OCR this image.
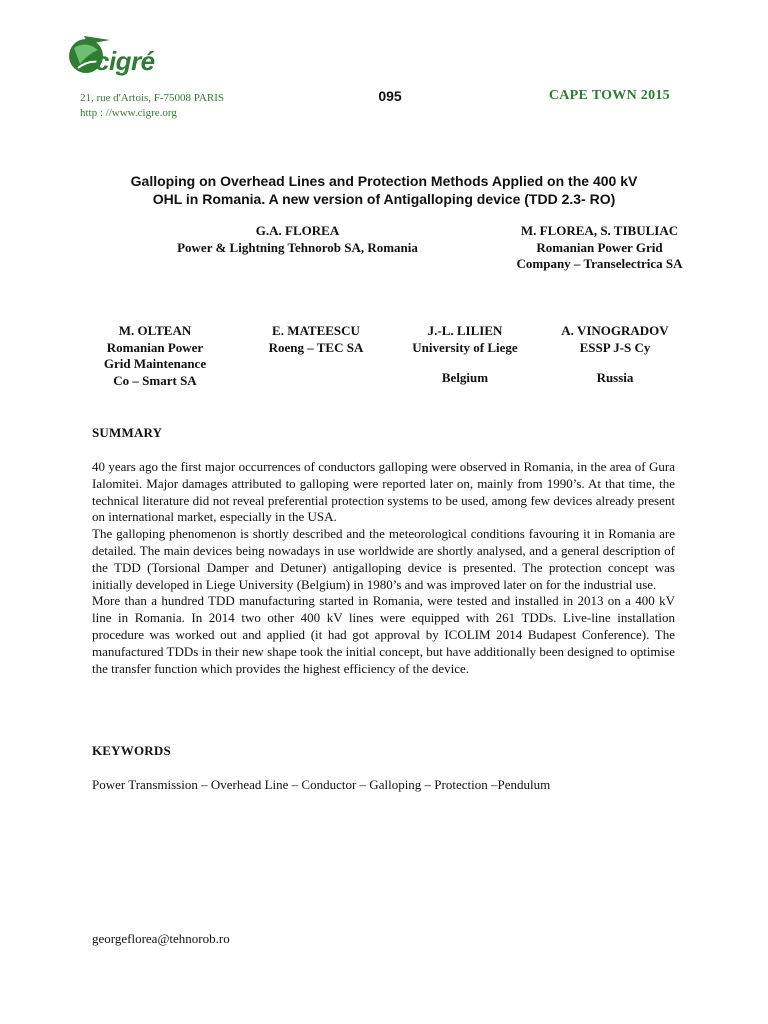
cigré
21, rue d'Artois, F-75008 PARIS
http : //www.cigre.org
095	CAPE TOWN 2015
Galloping on Overhead Lines and Protection Methods Applied on the 400 kV
OHL in Romania. A new version of Antigalloping device (TDD 2.3- RO)
G.A. FLOREA
Power & Lightning Tehnorob SA, Romania
M. FLOREA, S. TIBULIAC
Romanian Power Grid Company – Transelectrica SA
M. OLTEAN
Romanian Power Grid Maintenance Co – Smart SA
E. MATEESCU
Roeng – TEC SA
J.-L. LILIEN
University of Liege
Belgium
A. VINOGRADOV
ESSP J-S Cy
Russia
SUMMARY

40 years ago the first major occurrences of conductors galloping were observed in Romania, in the area of Gura Ialomitei. Major damages attributed to galloping were reported later on, mainly from 1990’s. At that time, the technical literature did not reveal preferential protection systems to be used, among few devices already present on international market, especially in the USA.

The galloping phenomenon is shortly described and the meteorological conditions favouring it in Romania are detailed. The main devices being nowadays in use worldwide are shortly analysed, and a general description of the TDD (Torsional Damper and Detuner) antigalloping device is presented. The protection concept was initially developed in Liege University (Belgium) in 1980’s and was improved later on for the industrial use.

More than a hundred TDD manufacturing started in Romania, were tested and installed in 2013 on a 400 kV line in Romania. In 2014 two other 400 kV lines were equipped with 261 TDDs. Live-line installation procedure was worked out and applied (it had got approval by ICOLIM 2014 Budapest Conference). The manufactured TDDs in their new shape took the initial concept, but have additionally been designed to optimise the transfer function which provides the highest efficiency of the device.

KEYWORDS
Power Transmission – Overhead Line – Conductor – Galloping – Protection –Pendulum
georgeflorea@tehnorob.ro
